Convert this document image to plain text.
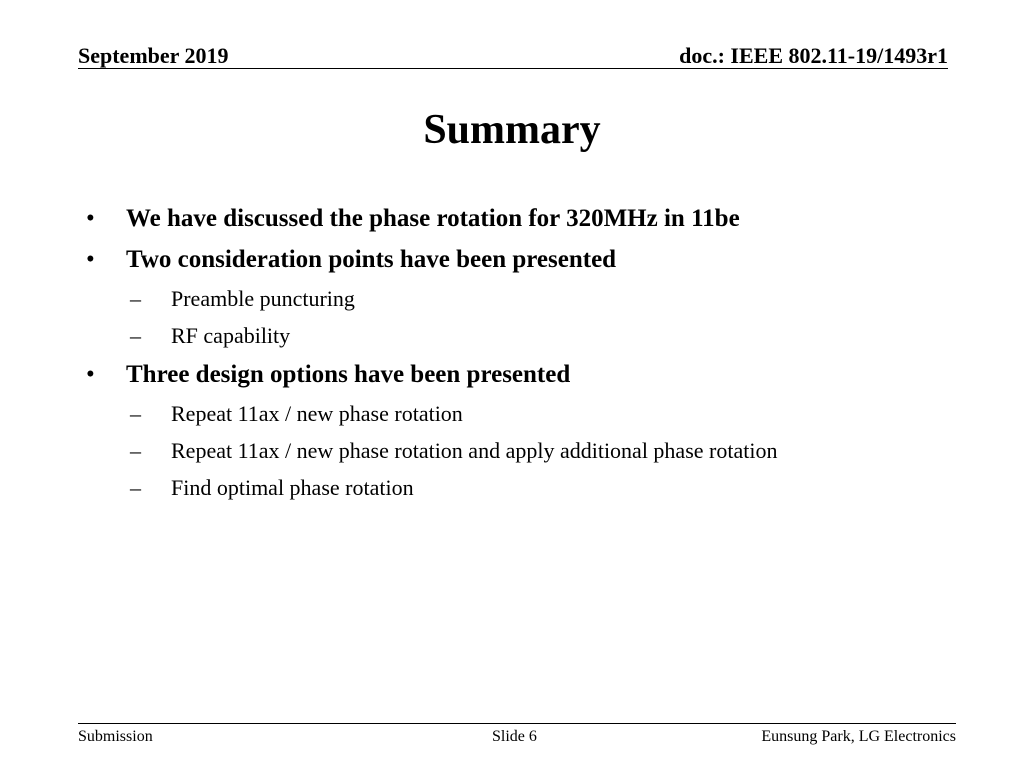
September 2019	doc.: IEEE 802.11-19/1493r1
Summary
• We have discussed the phase rotation for 320MHz in 11be
• Two consideration points have been presented
– Preamble puncturing
– RF capability
• Three design options have been presented
– Repeat 11ax / new phase rotation
– Repeat 11ax / new phase rotation and apply additional phase rotation
– Find optimal phase rotation
Submission	Slide 6	Eunsung Park, LG Electronics
